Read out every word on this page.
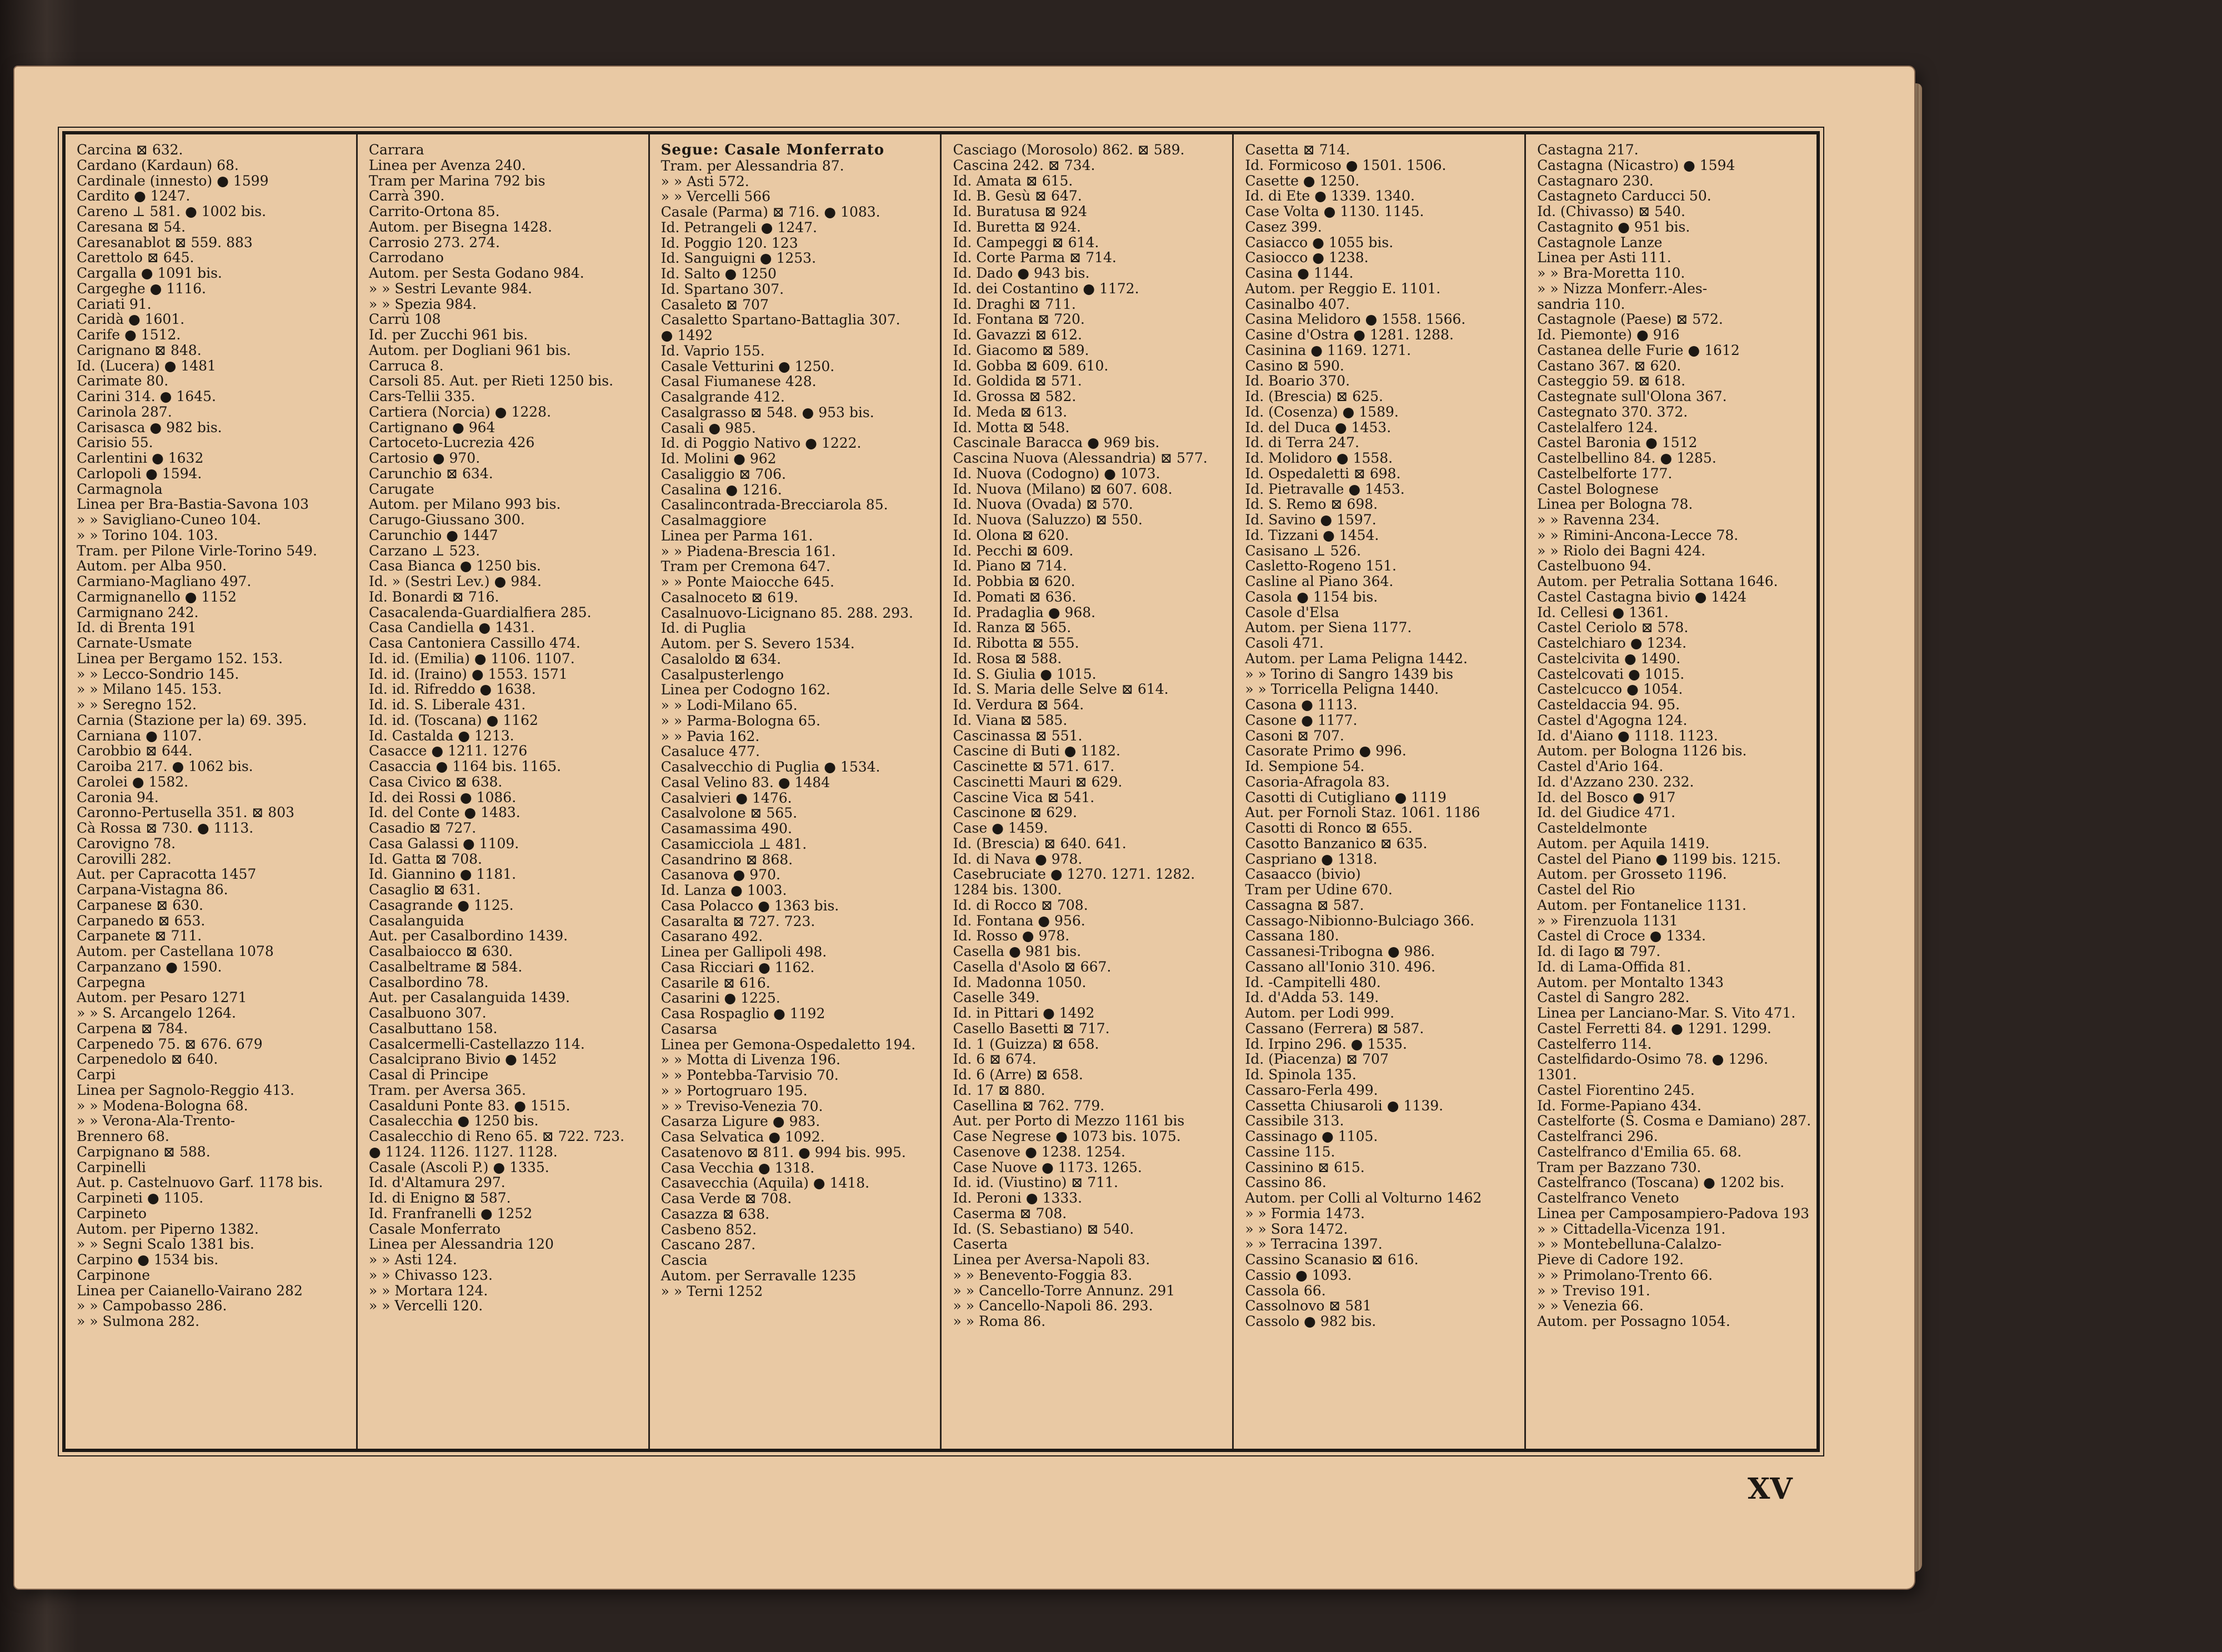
Carcina ⊠ 632.
Cardano (Kardaun) 68.
Cardinale (innesto) ● 1599
Cardito ● 1247.
Careno ⊥ 581. ● 1002 bis.
Caresana ⊠ 54.
Caresanablot ⊠ 559. 883
Carettolo ⊠ 645.
Cargalla ● 1091 bis.
Cargeghe ● 1116.
Cariati 91.
Caridà ● 1601.
Carife ● 1512.
Carignano ⊠ 848.
Id. (Lucera) ● 1481
Carimate 80.
Carini 314. ● 1645.
Carinola 287.
Carisasca ● 982 bis.
Carisio 55.
Carlentini ● 1632
Carlopoli ● 1594.
Carmagnola
Linea per Bra-Bastia-Savona 103
» » Savigliano-Cuneo 104.
» » Torino 104. 103.
Tram. per Pilone Virle-Torino 549.
Autom. per Alba 950.
Carmiano-Magliano 497.
Carmignanello ● 1152
Carmignano 242.
Id. di Brenta 191
Carnate-Usmate
Linea per Bergamo 152. 153.
» » Lecco-Sondrio 145.
» » Milano 145. 153.
» » Seregno 152.
Carnia (Stazione per la) 69. 395.
Carniana ● 1107.
Carobbio ⊠ 644.
Caroiba 217. ● 1062 bis.
Carolei ● 1582.
Caronia 94.
Caronno-Pertusella 351. ⊠ 803
Cà Rossa ⊠ 730. ● 1113.
Carovigno 78.
Carovilli 282.
Aut. per Capracotta 1457
Carpana-Vistagna 86.
Carpanese ⊠ 630.
Carpanedo ⊠ 653.
Carpanete ⊠ 711.
Autom. per Castellana 1078
Carpanzano ● 1590.
Carpegna
Autom. per Pesaro 1271
» » S. Arcangelo 1264.
Carpena ⊠ 784.
Carpenedo 75. ⊠ 676. 679
Carpenedolo ⊠ 640.
Carpi
Linea per Sagnolo-Reggio 413.
» » Modena-Bologna 68.
» » Verona-Ala-Trento-
Brennero 68.
Carpignano ⊠ 588.
Carpinelli
Aut. p. Castelnuovo Garf. 1178 bis.
Carpineti ● 1105.
Carpineto
Autom. per Piperno 1382.
» » Segni Scalo 1381 bis.
Carpino ● 1534 bis.
Carpinone
Linea per Caianello-Vairano 282
» » Campobasso 286.
» » Sulmona 282.
Carrara
Linea per Avenza 240.
Tram per Marina 792 bis
Carrà 390.
Carrito-Ortona 85.
Autom. per Bisegna 1428.
Carrosio 273. 274.
Carrodano
Autom. per Sesta Godano 984.
» » Sestri Levante 984.
» » Spezia 984.
Carrù 108
Id. per Zucchi 961 bis.
Autom. per Dogliani 961 bis.
Carruca 8.
Carsoli 85. Aut. per Rieti 1250 bis.
Cars-Tellii 335.
Cartiera (Norcia) ● 1228.
Cartignano ● 964
Cartoceto-Lucrezia 426
Cartosio ● 970.
Carunchio ⊠ 634.
Carugate
Autom. per Milano 993 bis.
Carugo-Giussano 300.
Carunchio ● 1447
Carzano ⊥ 523.
Casa Bianca ● 1250 bis.
Id. » (Sestri Lev.) ● 984.
Id. Bonardi ⊠ 716.
Casacalenda-Guardialfiera 285.
Casa Candiella ● 1431.
Casa Cantoniera Cassillo 474.
Id. id. (Emilia) ● 1106. 1107.
Id. id. (Iraino) ● 1553. 1571
Id. id. Rifreddo ● 1638.
Id. id. S. Liberale 431.
Id. id. (Toscana) ● 1162
Id. Castalda ● 1213.
Casacce ● 1211. 1276
Casaccia ● 1164 bis. 1165.
Casa Civico ⊠ 638.
Id. dei Rossi ● 1086.
Id. del Conte ● 1483.
Casadio ⊠ 727.
Casa Galassi ● 1109.
Id. Gatta ⊠ 708.
Id. Giannino ● 1181.
Casaglio ⊠ 631.
Casagrande ● 1125.
Casalanguida
Aut. per Casalbordino 1439.
Casalbaiocco ⊠ 630.
Casalbeltrame ⊠ 584.
Casalbordino 78.
Aut. per Casalanguida 1439.
Casalbuono 307.
Casalbuttano 158.
Casalcermelli-Castellazzo 114.
Casalciprano Bivio ● 1452
Casal di Principe
Tram. per Aversa 365.
Casalduni Ponte 83. ● 1515.
Casalecchia ● 1250 bis.
Casalecchio di Reno 65. ⊠ 722. 723.
● 1124. 1126. 1127. 1128.
Casale (Ascoli P.) ● 1335.
Id. d'Altamura 297.
Id. di Enigno ⊠ 587.
Id. Franfranelli ● 1252
Casale Monferrato
Linea per Alessandria 120
» » Asti 124.
» » Chivasso 123.
» » Mortara 124.
» » Vercelli 120.
Segue: Casale Monferrato
Tram. per Alessandria 87.
» » Asti 572.
» » Vercelli 566
Casale (Parma) ⊠ 716. ● 1083.
Id. Petrangeli ● 1247.
Id. Poggio 120. 123
Id. Sanguigni ● 1253.
Id. Salto ● 1250
Id. Spartano 307.
Casaleto ⊠ 707
Casaletto Spartano-Battaglia 307.
● 1492
Id. Vaprio 155.
Casale Vetturini ● 1250.
Casal Fiumanese 428.
Casalgrande 412.
Casalgrasso ⊠ 548. ● 953 bis.
Casali ● 985.
Id. di Poggio Nativo ● 1222.
Id. Molini ● 962
Casaliggio ⊠ 706.
Casalina ● 1216.
Casalincontrada-Brecciarola 85.
Casalmaggiore
Linea per Parma 161.
» » Piadena-Brescia 161.
Tram per Cremona 647.
» » Ponte Maiocche 645.
Casalnoceto ⊠ 619.
Casalnuovo-Licignano 85. 288. 293.
Id. di Puglia
Autom. per S. Severo 1534.
Casaloldo ⊠ 634.
Casalpusterlengo
Linea per Codogno 162.
» » Lodi-Milano 65.
» » Parma-Bologna 65.
» » Pavia 162.
Casaluce 477.
Casalvecchio di Puglia ● 1534.
Casal Velino 83. ● 1484
Casalvieri ● 1476.
Casalvolone ⊠ 565.
Casamassima 490.
Casamicciola ⊥ 481.
Casandrino ⊠ 868.
Casanova ● 970.
Id. Lanza ● 1003.
Casa Polacco ● 1363 bis.
Casaralta ⊠ 727. 723.
Casarano 492.
Linea per Gallipoli 498.
Casa Ricciari ● 1162.
Casarile ⊠ 616.
Casarini ● 1225.
Casa Rospaglio ● 1192
Casarsa
Linea per Gemona-Ospedaletto 194.
» » Motta di Livenza 196.
» » Pontebba-Tarvisio 70.
» » Portogruaro 195.
» » Treviso-Venezia 70.
Casarza Ligure ● 983.
Casa Selvatica ● 1092.
Casatenovo ⊠ 811. ● 994 bis. 995.
Casa Vecchia ● 1318.
Casavecchia (Aquila) ● 1418.
Casa Verde ⊠ 708.
Casazza ⊠ 638.
Casbeno 852.
Cascano 287.
Cascia
Autom. per Serravalle 1235
» » Terni 1252
Casciago (Morosolo) 862. ⊠ 589.
Cascina 242. ⊠ 734.
Id. Amata ⊠ 615.
Id. B. Gesù ⊠ 647.
Id. Buratusa ⊠ 924
Id. Buretta ⊠ 924.
Id. Campeggi ⊠ 614.
Id. Corte Parma ⊠ 714.
Id. Dado ● 943 bis.
Id. dei Costantino ● 1172.
Id. Draghi ⊠ 711.
Id. Fontana ⊠ 720.
Id. Gavazzi ⊠ 612.
Id. Giacomo ⊠ 589.
Id. Gobba ⊠ 609. 610.
Id. Goldida ⊠ 571.
Id. Grossa ⊠ 582.
Id. Meda ⊠ 613.
Id. Motta ⊠ 548.
Cascinale Baracca ● 969 bis.
Cascina Nuova (Alessandria) ⊠ 577.
Id. Nuova (Codogno) ● 1073.
Id. Nuova (Milano) ⊠ 607. 608.
Id. Nuova (Ovada) ⊠ 570.
Id. Nuova (Saluzzo) ⊠ 550.
Id. Olona ⊠ 620.
Id. Pecchi ⊠ 609.
Id. Piano ⊠ 714.
Id. Pobbia ⊠ 620.
Id. Pomati ⊠ 636.
Id. Pradaglia ● 968.
Id. Ranza ⊠ 565.
Id. Ribotta ⊠ 555.
Id. Rosa ⊠ 588.
Id. S. Giulia ● 1015.
Id. S. Maria delle Selve ⊠ 614.
Id. Verdura ⊠ 564.
Id. Viana ⊠ 585.
Cascinassa ⊠ 551.
Cascine di Buti ● 1182.
Cascinette ⊠ 571. 617.
Cascinetti Mauri ⊠ 629.
Cascine Vica ⊠ 541.
Cascinone ⊠ 629.
Case ● 1459.
Id. (Brescia) ⊠ 640. 641.
Id. di Nava ● 978.
Casebruciate ● 1270. 1271. 1282.
1284 bis. 1300.
Id. di Rocco ⊠ 708.
Id. Fontana ● 956.
Id. Rosso ● 978.
Casella ● 981 bis.
Casella d'Asolo ⊠ 667.
Id. Madonna 1050.
Caselle 349.
Id. in Pittari ● 1492
Casello Basetti ⊠ 717.
Id. 1 (Guizza) ⊠ 658.
Id. 6 ⊠ 674.
Id. 6 (Arre) ⊠ 658.
Id. 17 ⊠ 880.
Casellina ⊠ 762. 779.
Aut. per Porto di Mezzo 1161 bis
Case Negrese ● 1073 bis. 1075.
Casenove ● 1238. 1254.
Case Nuove ● 1173. 1265.
Id. id. (Viustino) ⊠ 711.
Id. Peroni ● 1333.
Caserma ⊠ 708.
Id. (S. Sebastiano) ⊠ 540.
Caserta
Linea per Aversa-Napoli 83.
» » Benevento-Foggia 83.
» » Cancello-Torre Annunz. 291
» » Cancello-Napoli 86. 293.
» » Roma 86.
Casetta ⊠ 714.
Id. Formicoso ● 1501. 1506.
Casette ● 1250.
Id. di Ete ● 1339. 1340.
Case Volta ● 1130. 1145.
Casez 399.
Casiacco ● 1055 bis.
Casiocco ● 1238.
Casina ● 1144.
Autom. per Reggio E. 1101.
Casinalbo 407.
Casina Melidoro ● 1558. 1566.
Casine d'Ostra ● 1281. 1288.
Casinina ● 1169. 1271.
Casino ⊠ 590.
Id. Boario 370.
Id. (Brescia) ⊠ 625.
Id. (Cosenza) ● 1589.
Id. del Duca ● 1453.
Id. di Terra 247.
Id. Molidoro ● 1558.
Id. Ospedaletti ⊠ 698.
Id. Pietravalle ● 1453.
Id. S. Remo ⊠ 698.
Id. Savino ● 1597.
Id. Tizzani ● 1454.
Casisano ⊥ 526.
Casletto-Rogeno 151.
Casline al Piano 364.
Casola ● 1154 bis.
Casole d'Elsa
Autom. per Siena 1177.
Casoli 471.
Autom. per Lama Peligna 1442.
» » Torino di Sangro 1439 bis
» » Torricella Peligna 1440.
Casona ● 1113.
Casone ● 1177.
Casoni ⊠ 707.
Casorate Primo ● 996.
Id. Sempione 54.
Casoria-Afragola 83.
Casotti di Cutigliano ● 1119
Aut. per Fornoli Staz. 1061. 1186
Casotti di Ronco ⊠ 655.
Casotto Banzanico ⊠ 635.
Caspriano ● 1318.
Casaacco (bivio)
Tram per Udine 670.
Cassagna ⊠ 587.
Cassago-Nibionno-Bulciago 366.
Cassana 180.
Cassanesi-Tribogna ● 986.
Cassano all'Ionio 310. 496.
Id. -Campitelli 480.
Id. d'Adda 53. 149.
Autom. per Lodi 999.
Cassano (Ferrera) ⊠ 587.
Id. Irpino 296. ● 1535.
Id. (Piacenza) ⊠ 707
Id. Spinola 135.
Cassaro-Ferla 499.
Cassetta Chiusaroli ● 1139.
Cassibile 313.
Cassinago ● 1105.
Cassine 115.
Cassinino ⊠ 615.
Cassino 86.
Autom. per Colli al Volturno 1462
» » Formia 1473.
» » Sora 1472.
» » Terracina 1397.
Cassino Scanasio ⊠ 616.
Cassio ● 1093.
Cassola 66.
Cassolnovo ⊠ 581
Cassolo ● 982 bis.
Castagna 217.
Castagna (Nicastro) ● 1594
Castagnaro 230.
Castagneto Carducci 50.
Id. (Chivasso) ⊠ 540.
Castagnito ● 951 bis.
Castagnole Lanze
Linea per Asti 111.
» » Bra-Moretta 110.
» » Nizza Monferr.-Ales-
sandria 110.
Castagnole (Paese) ⊠ 572.
Id. Piemonte) ● 916
Castanea delle Furie ● 1612
Castano 367. ⊠ 620.
Casteggio 59. ⊠ 618.
Castegnate sull'Olona 367.
Castegnato 370. 372.
Castelalfero 124.
Castel Baronia ● 1512
Castelbellino 84. ● 1285.
Castelbelforte 177.
Castel Bolognese
Linea per Bologna 78.
» » Ravenna 234.
» » Rimini-Ancona-Lecce 78.
» » Riolo dei Bagni 424.
Castelbuono 94.
Autom. per Petralia Sottana 1646.
Castel Castagna bivio ● 1424
Id. Cellesi ● 1361.
Castel Ceriolo ⊠ 578.
Castelchiaro ● 1234.
Castelcivita ● 1490.
Castelcovati ● 1015.
Castelcucco ● 1054.
Casteldaccia 94. 95.
Castel d'Agogna 124.
Id. d'Aiano ● 1118. 1123.
Autom. per Bologna 1126 bis.
Castel d'Ario 164.
Id. d'Azzano 230. 232.
Id. del Bosco ● 917
Id. del Giudice 471.
Casteldelmonte
Autom. per Aquila 1419.
Castel del Piano ● 1199 bis. 1215.
Autom. per Grosseto 1196.
Castel del Rio
Autom. per Fontanelice 1131.
» » Firenzuola 1131
Castel di Croce ● 1334.
Id. di Iago ⊠ 797.
Id. di Lama-Offida 81.
Autom. per Montalto 1343
Castel di Sangro 282.
Linea per Lanciano-Mar. S. Vito 471.
Castel Ferretti 84. ● 1291. 1299.
Castelferro 114.
Castelfidardo-Osimo 78. ● 1296.
1301.
Castel Fiorentino 245.
Id. Forme-Papiano 434.
Castelforte (S. Cosma e Damiano) 287.
Castelfranci 296.
Castelfranco d'Emilia 65. 68.
Tram per Bazzano 730.
Castelfranco (Toscana) ● 1202 bis.
Castelfranco Veneto
Linea per Camposampiero-Padova 193
» » Cittadella-Vicenza 191.
» » Montebelluna-Calalzo-
Pieve di Cadore 192.
» » Primolano-Trento 66.
» » Treviso 191.
» » Venezia 66.
Autom. per Possagno 1054.
XV
